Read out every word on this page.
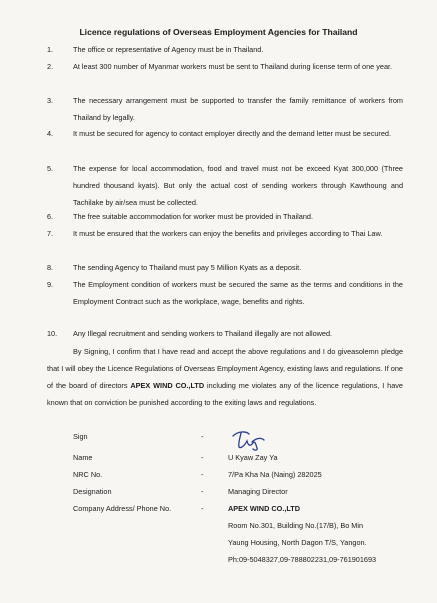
Licence regulations of Overseas Employment Agencies for Thailand
1.	The office or representative of Agency must be in Thailand.
2.	At least 300 number of Myanmar workers must be sent to Thailand during license term of one year.
3.	The necessary arrangement must be supported to transfer the family remittance of workers from Thailand by legally.
4.	It must be secured for agency to contact employer directly and the demand letter must be secured.
5.	The expense for local accommodation, food and travel must not be exceed Kyat 300,000 (Three hundred thousand kyats). But only the actual cost of sending workers through Kawthoung and Tachilake by air/sea must be collected.
6.	The free suitable accommodation for worker must be provided in Thailand.
7.	It must be ensured that the workers can enjoy the benefits and privileges according to Thai Law.
8.	The sending Agency to Thailand must pay 5 Million Kyats as a deposit.
9.	The Employment condition of workers must be secured the same as the terms and conditions in the Employment Contract such as the workplace, wage, benefits and rights.
10.	Any Illegal recruitment and sending workers to Thailand illegally are not allowed.
By Signing, I confirm that I have read and accept the above regulations and I do giveasolemn pledge that I will obey the Licence Regulations of Overseas Employment Agency, existing laws and regulations. If one of the board of directors APEX WIND CO.,LTD including me violates any of the licence regulations, I have known that on conviction be punished according to the exiting laws and regulations.
Sign	-
Name	-	U Kyaw Zay Ya
NRC No.	-	7/Pa Kha Na (Naing) 282025
Designation	-	Managing Director
Company Address/ Phone No.	-	APEX WIND CO.,LTD
Room No.301, Building No.(17/B), Bo Min
Yaung Housing, North Dagon T/S, Yangon.
Ph:09-5048327,09-788802231,09-761901693
